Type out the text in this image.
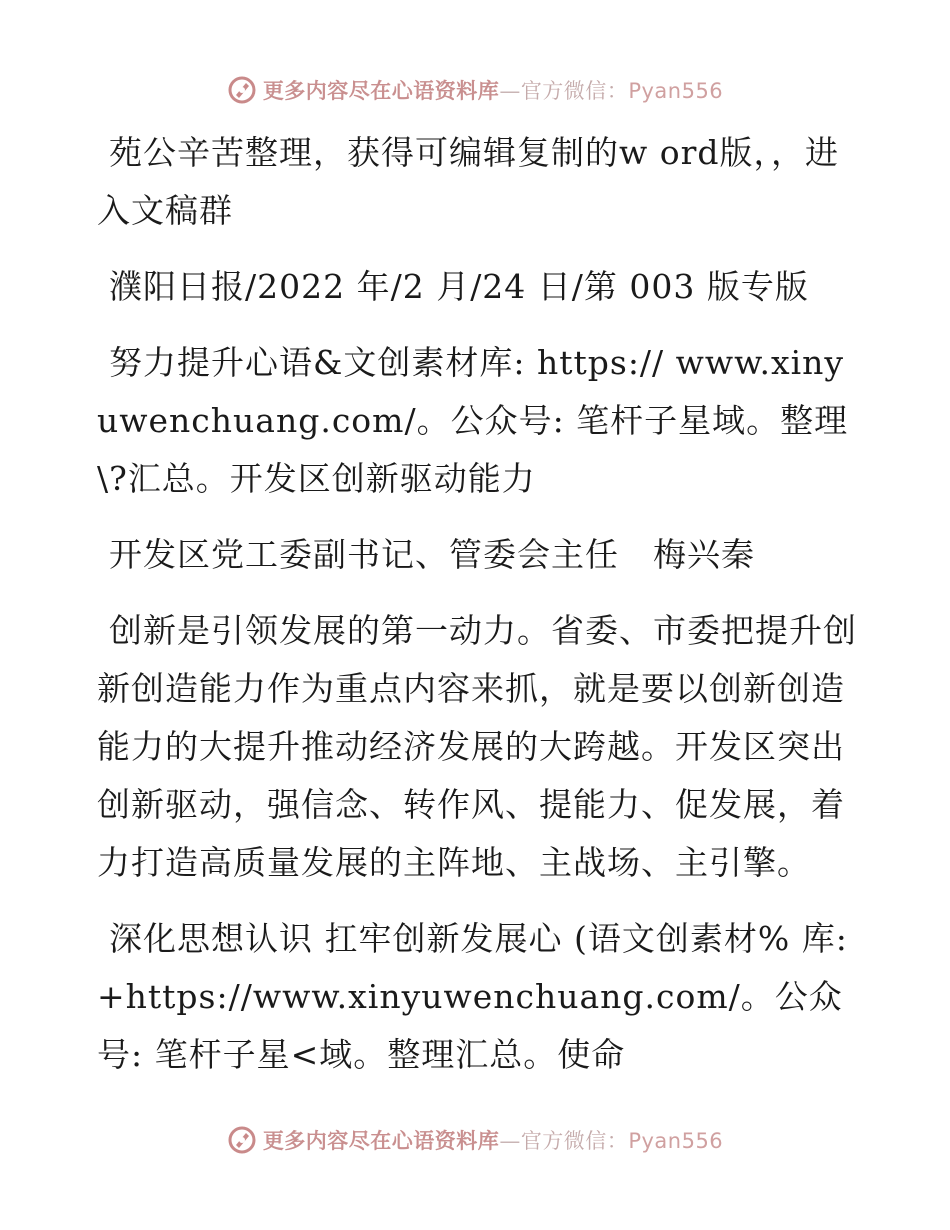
更多内容尽在心语资料库—官方微信：Pyan556

苑公辛苦整理，获得可编辑复制的w ord版，，进入文稿群

濮阳日报/2022 年/2 月/24 日/第 003 版专版

努力提升心语&文创素材库: https:// www.xinyuwenchuang.com/。公众号: 笔杆子星域。整理\?汇总。开发区创新驱动能力

开发区党工委副书记、管委会主任　梅兴秦

创新是引领发展的第一动力。省委、市委把提升创新创造能力作为重点内容来抓，就是要以创新创造能力的大提升推动经济发展的大跨越。开发区突出创新驱动，强信念、转作风、提能力、促发展，着力打造高质量发展的主阵地、主战场、主引擎。

深化思想认识 扛牢创新发展心 (语文创素材% 库: +https://www.xinyuwenchuang.com/。公众号: 笔杆子星<域。整理汇总。使命

更多内容尽在心语资料库—官方微信：Pyan556
